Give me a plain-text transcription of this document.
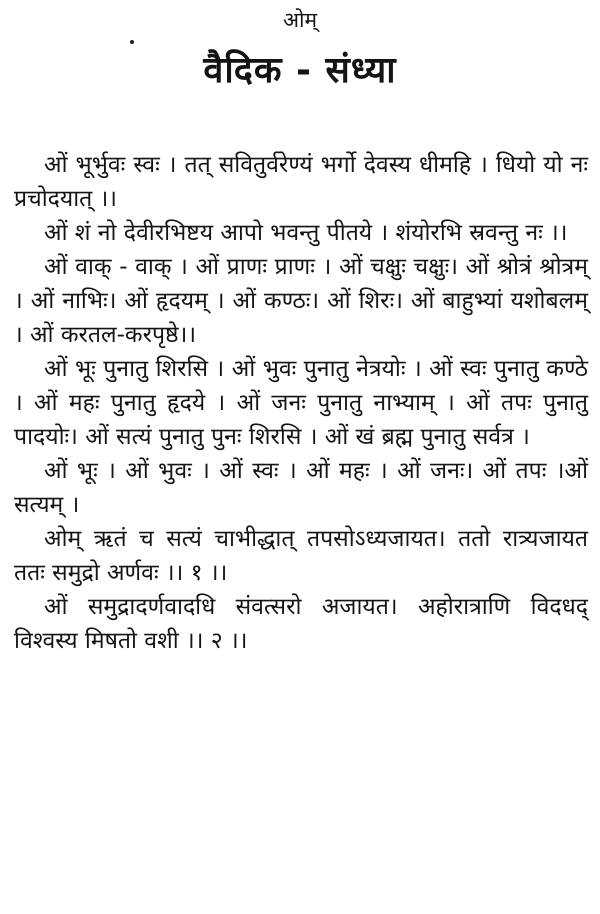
ओम्
वैदिक - संध्या

ओं भूर्भुवः स्वः । तत् सवितुर्वरेण्यं भर्गो देवस्य धीमहि । धियो यो नः प्रचोदयात् ।।

ओं शं नो देवीरभिष्टय आपो भवन्तु पीतये । शंयोरभि स्रवन्तु नः ।।

ओं वाक् - वाक् । ओं प्राणः प्राणः । ओं चक्षुः चक्षुः। ओं श्रोत्रं श्रोत्रम् । ओं नाभिः। ओं हृदयम् । ओं कण्ठः। ओं शिरः। ओं बाहुभ्यां यशोबलम् । ओं करतल-करपृष्ठे।।

ओं भूः पुनातु शिरसि । ओं भुवः पुनातु नेत्रयोः । ओं स्वः पुनातु कण्ठे । ओं महः पुनातु हृदये । ओं जनः पुनातु नाभ्याम् । ओं तपः पुनातु पादयोः। ओं सत्यं पुनातु पुनः शिरसि । ओं खं ब्रह्म पुनातु सर्वत्र ।

ओं भूः । ओं भुवः । ओं स्वः । ओं महः । ओं जनः। ओं तपः ।ओं सत्यम् ।

ओम् ऋतं च सत्यं चाभीद्धात् तपसोऽध्यजायत। ततो रात्र्यजायत ततः समुद्रो अर्णवः ।। १ ।।

ओं समुद्रादर्णवादधि संवत्सरो अजायत। अहोरात्राणि विदधद् विश्वस्य मिषतो वशी ।। २ ।।
